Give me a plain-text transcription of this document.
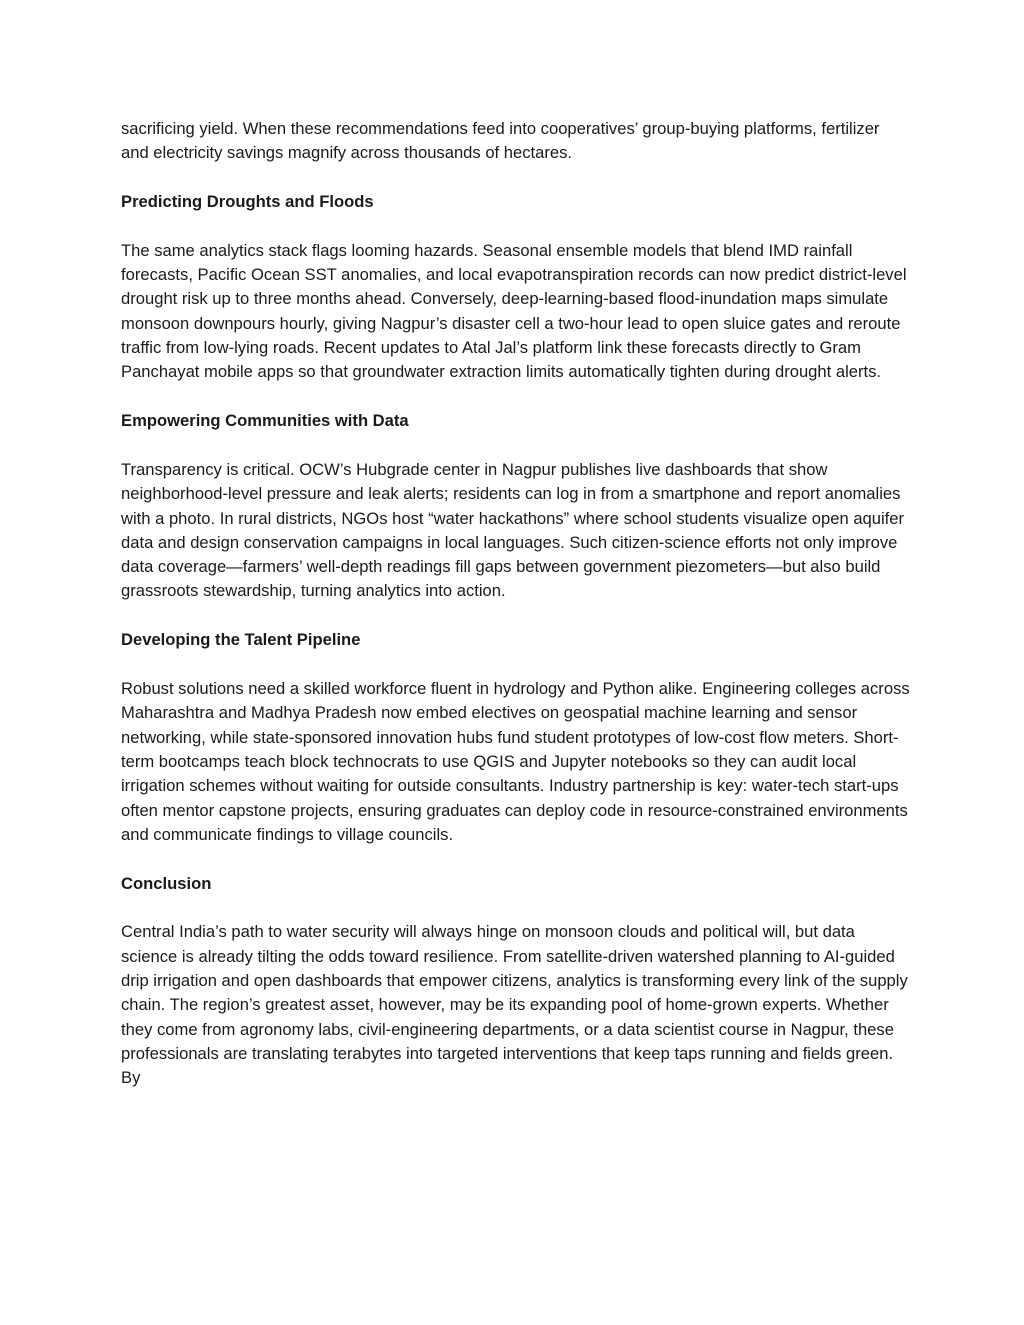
sacrificing yield. When these recommendations feed into cooperatives’ group-buying platforms, fertilizer and electricity savings magnify across thousands of hectares.

Predicting Droughts and Floods

The same analytics stack flags looming hazards. Seasonal ensemble models that blend IMD rainfall forecasts, Pacific Ocean SST anomalies, and local evapotranspiration records can now predict district-level drought risk up to three months ahead. Conversely, deep-learning-based flood-inundation maps simulate monsoon downpours hourly, giving Nagpur’s disaster cell a two-hour lead to open sluice gates and reroute traffic from low-lying roads. Recent updates to Atal Jal’s platform link these forecasts directly to Gram Panchayat mobile apps so that groundwater extraction limits automatically tighten during drought alerts.

Empowering Communities with Data

Transparency is critical. OCW’s Hubgrade center in Nagpur publishes live dashboards that show neighborhood-level pressure and leak alerts; residents can log in from a smartphone and report anomalies with a photo. In rural districts, NGOs host “water hackathons” where school students visualize open aquifer data and design conservation campaigns in local languages. Such citizen-science efforts not only improve data coverage—farmers’ well-depth readings fill gaps between government piezometers—but also build grassroots stewardship, turning analytics into action.

Developing the Talent Pipeline

Robust solutions need a skilled workforce fluent in hydrology and Python alike. Engineering colleges across Maharashtra and Madhya Pradesh now embed electives on geospatial machine learning and sensor networking, while state-sponsored innovation hubs fund student prototypes of low-cost flow meters. Short-term bootcamps teach block technocrats to use QGIS and Jupyter notebooks so they can audit local irrigation schemes without waiting for outside consultants. Industry partnership is key: water-tech start-ups often mentor capstone projects, ensuring graduates can deploy code in resource-constrained environments and communicate findings to village councils.

Conclusion

Central India’s path to water security will always hinge on monsoon clouds and political will, but data science is already tilting the odds toward resilience. From satellite-driven watershed planning to AI-guided drip irrigation and open dashboards that empower citizens, analytics is transforming every link of the supply chain. The region’s greatest asset, however, may be its expanding pool of home-grown experts. Whether they come from agronomy labs, civil-engineering departments, or a data scientist course in Nagpur, these professionals are translating terabytes into targeted interventions that keep taps running and fields green. By
